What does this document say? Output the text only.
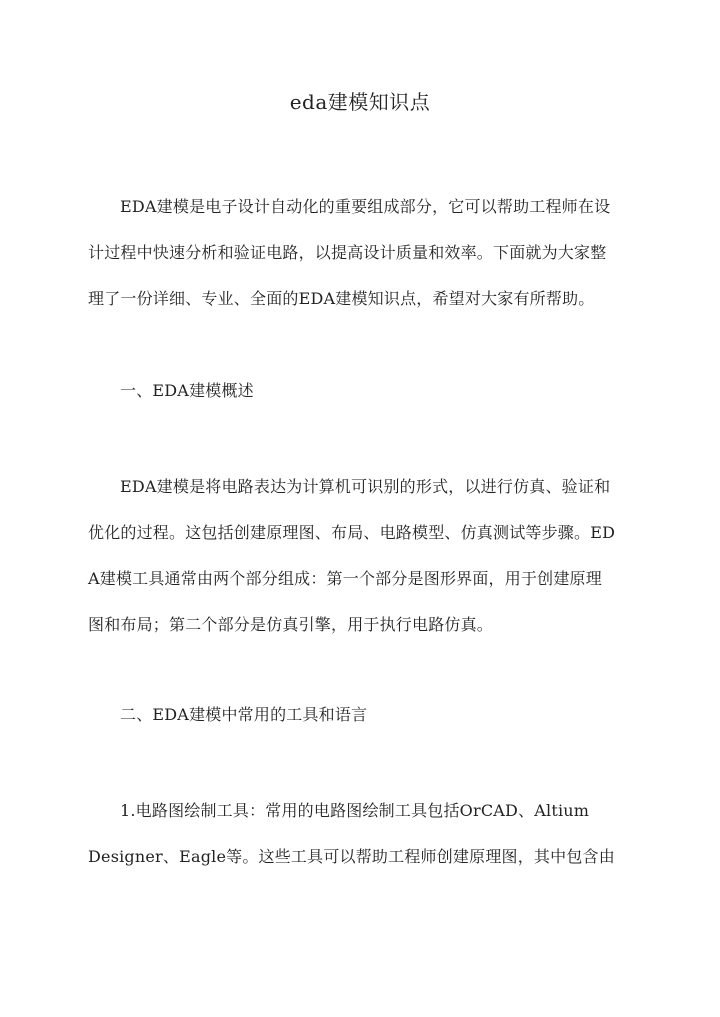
eda建模知识点

EDA建模是电子设计自动化的重要组成部分，它可以帮助工程师在设

计过程中快速分析和验证电路，以提高设计质量和效率。下面就为大家整

理了一份详细、专业、全面的EDA建模知识点，希望对大家有所帮助。

一、EDA建模概述

EDA建模是将电路表达为计算机可识别的形式，以进行仿真、验证和

优化的过程。这包括创建原理图、布局、电路模型、仿真测试等步骤。ED

A建模工具通常由两个部分组成：第一个部分是图形界面，用于创建原理

图和布局；第二个部分是仿真引擎，用于执行电路仿真。

二、EDA建模中常用的工具和语言

1.电路图绘制工具：常用的电路图绘制工具包括OrCAD、Altium

Designer、Eagle等。这些工具可以帮助工程师创建原理图，其中包含由
